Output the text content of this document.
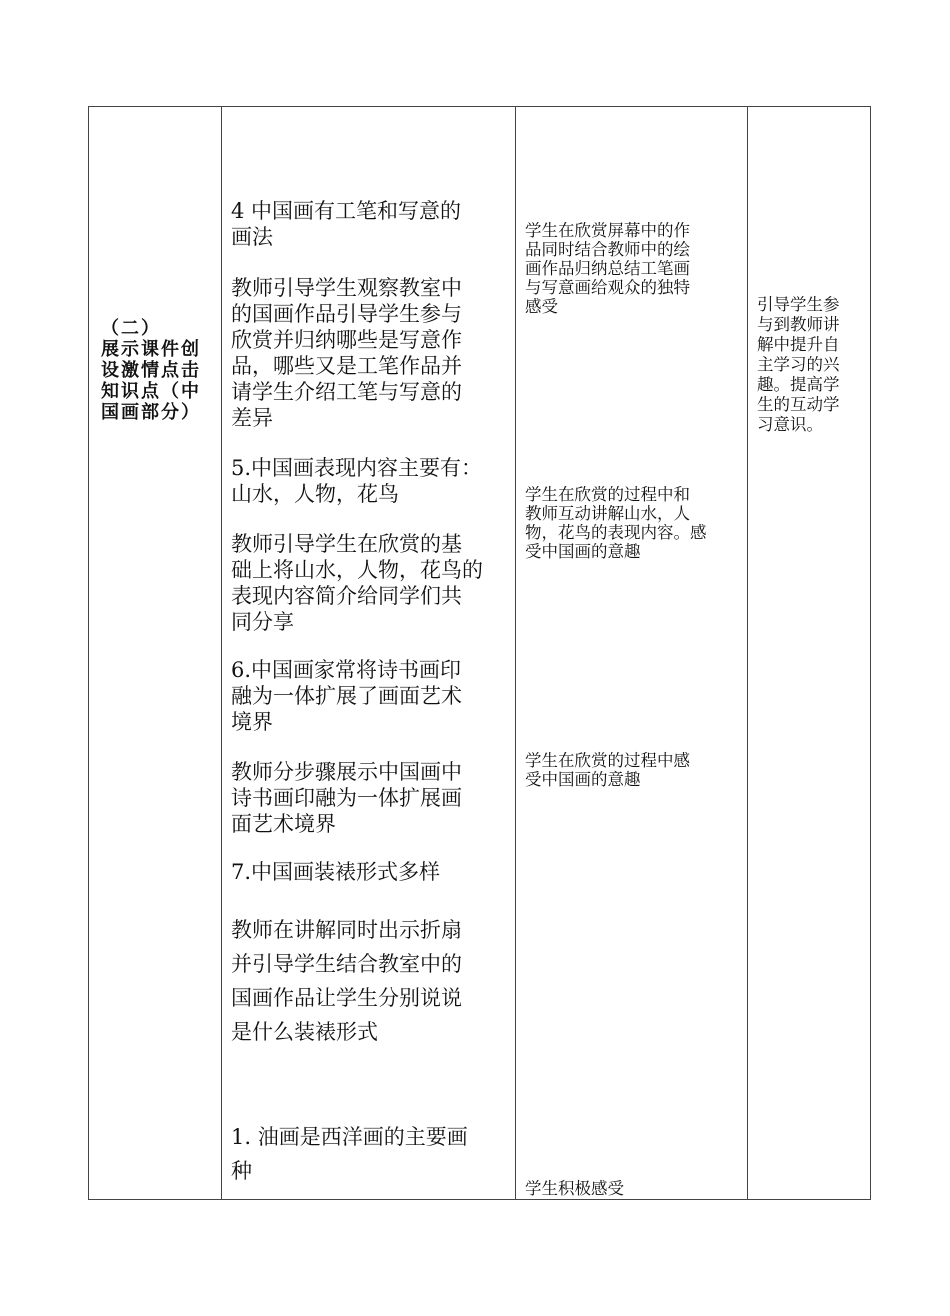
（二）
展示课件创
设激情点击
知识点（中
国画部分）
4 中国画有工笔和写意的
画法
教师引导学生观察教室中
的国画作品引导学生参与
欣赏并归纳哪些是写意作
品，哪些又是工笔作品并
请学生介绍工笔与写意的
差异
5.中国画表现内容主要有：
山水，人物，花鸟
教师引导学生在欣赏的基
础上将山水，人物，花鸟的
表现内容简介给同学们共
同分享
6.中国画家常将诗书画印
融为一体扩展了画面艺术
境界
教师分步骤展示中国画中
诗书画印融为一体扩展画
面艺术境界
7.中国画装裱形式多样
教师在讲解同时出示折扇
并引导学生结合教室中的
国画作品让学生分别说说
是什么装裱形式
1. 油画是西洋画的主要画
种
学生在欣赏屏幕中的作
品同时结合教师中的绘
画作品归纳总结工笔画
与写意画给观众的独特
感受
学生在欣赏的过程中和
教师互动讲解山水，人
物，花鸟的表现内容。感
受中国画的意趣
学生在欣赏的过程中感
受中国画的意趣
学生积极感受
引导学生参
与到教师讲
解中提升自
主学习的兴
趣。提高学
生的互动学
习意识。
